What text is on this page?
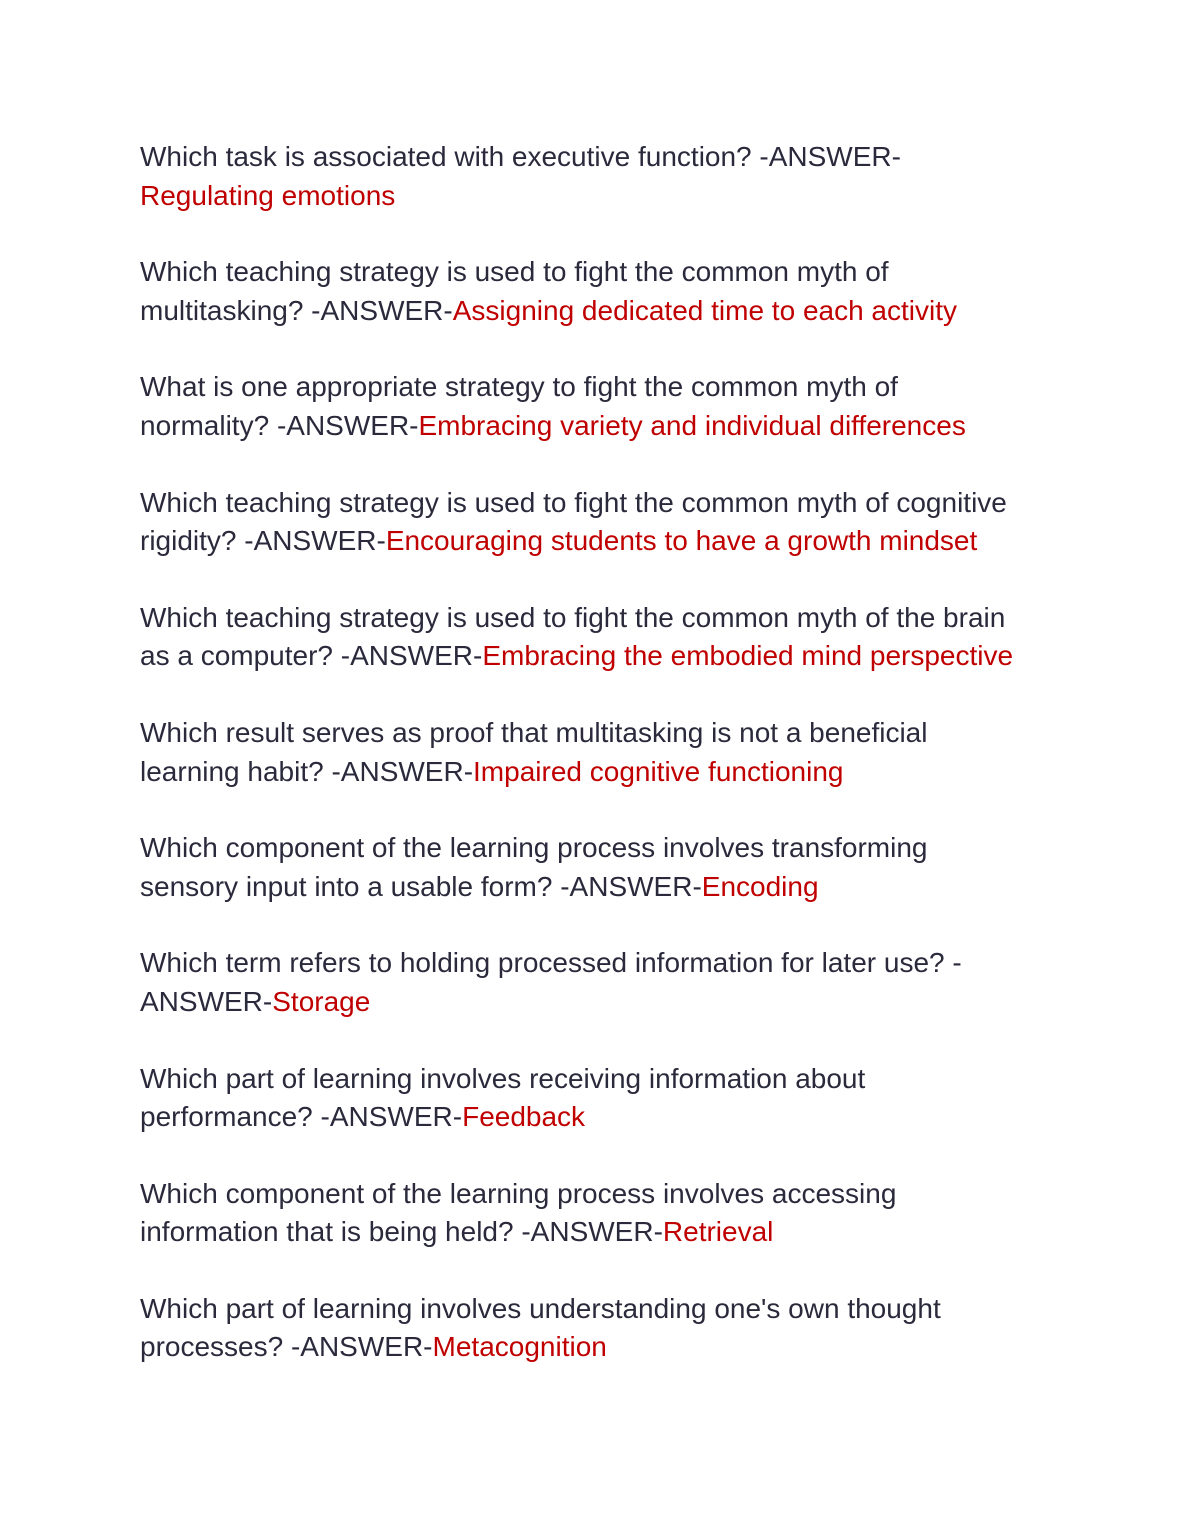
Which task is associated with executive function? -ANSWER-
Regulating emotions

Which teaching strategy is used to fight the common myth of
multitasking? -ANSWER-Assigning dedicated time to each activity

What is one appropriate strategy to fight the common myth of
normality? -ANSWER-Embracing variety and individual differences

Which teaching strategy is used to fight the common myth of cognitive
rigidity? -ANSWER-Encouraging students to have a growth mindset

Which teaching strategy is used to fight the common myth of the brain
as a computer? -ANSWER-Embracing the embodied mind perspective

Which result serves as proof that multitasking is not a beneficial
learning habit? -ANSWER-Impaired cognitive functioning

Which component of the learning process involves transforming
sensory input into a usable form? -ANSWER-Encoding

Which term refers to holding processed information for later use? -
ANSWER-Storage

Which part of learning involves receiving information about
performance? -ANSWER-Feedback

Which component of the learning process involves accessing
information that is being held? -ANSWER-Retrieval

Which part of learning involves understanding one's own thought
processes? -ANSWER-Metacognition
